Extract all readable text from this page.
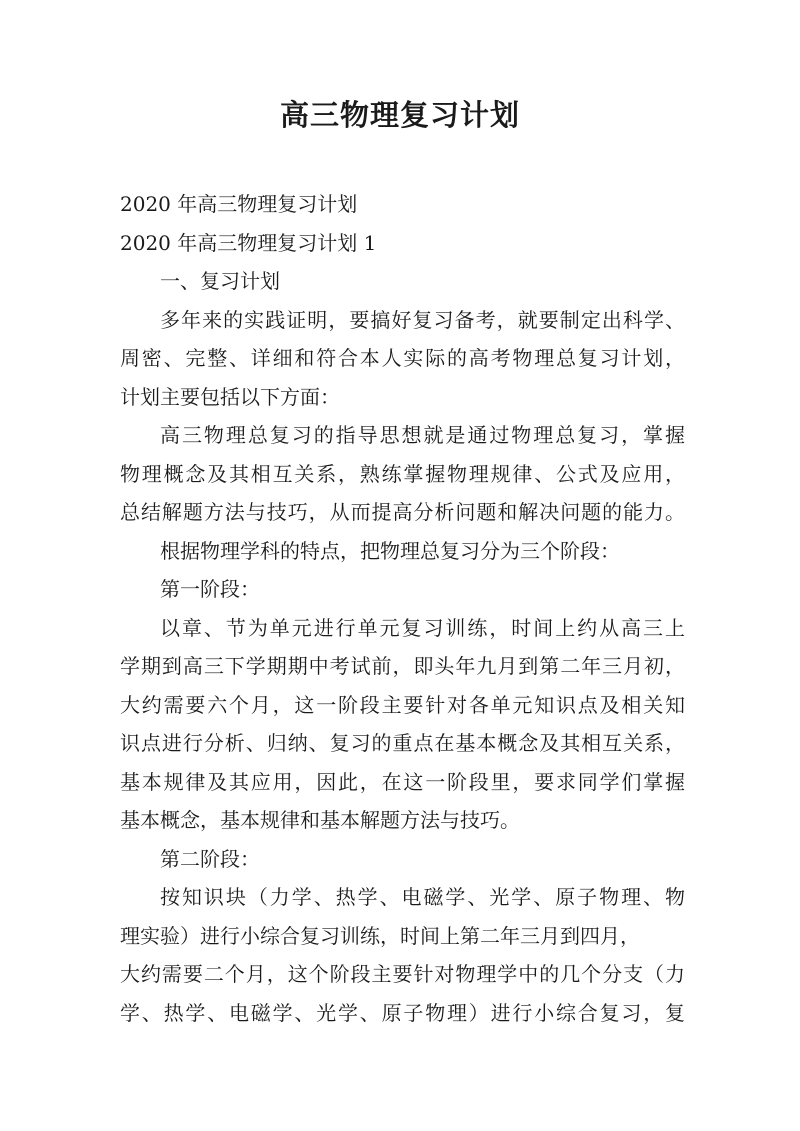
高三物理复习计划
2020 年高三物理复习计划
2020 年高三物理复习计划 1
一、复习计划
多年来的实践证明，要搞好复习备考，就要制定出科学、
周密、完整、详细和符合本人实际的高考物理总复习计划，
计划主要包括以下方面：
高三物理总复习的指导思想就是通过物理总复习，掌握
物理概念及其相互关系，熟练掌握物理规律、公式及应用，
总结解题方法与技巧，从而提高分析问题和解决问题的能力。
根据物理学科的特点，把物理总复习分为三个阶段：
第一阶段：
以章、节为单元进行单元复习训练，时间上约从高三上
学期到高三下学期期中考试前，即头年九月到第二年三月初，
大约需要六个月，这一阶段主要针对各单元知识点及相关知
识点进行分析、归纳、复习的重点在基本概念及其相互关系，
基本规律及其应用，因此，在这一阶段里，要求同学们掌握
基本概念，基本规律和基本解题方法与技巧。
第二阶段：
按知识块（力学、热学、电磁学、光学、原子物理、物
理实验）进行小综合复习训练，时间上第二年三月到四月，
大约需要二个月，这个阶段主要针对物理学中的几个分支（力
学、热学、电磁学、光学、原子物理）进行小综合复习，复
